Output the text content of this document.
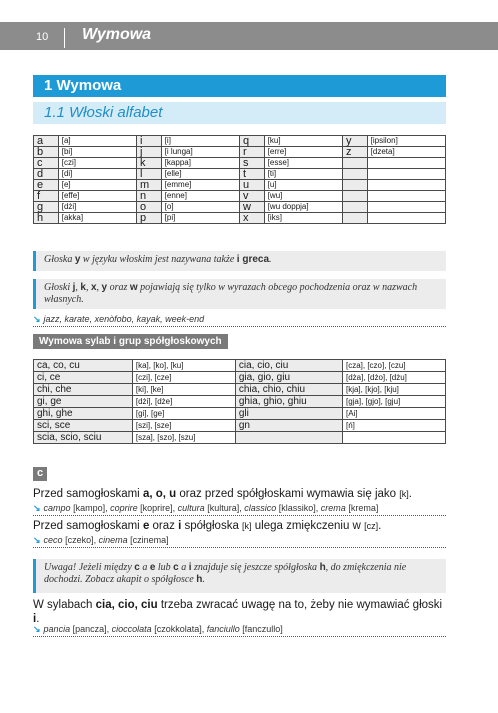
10 Wymowa
1 Wymowa
1.1 Włoski alfabet
a	[a]	i	[i]	q	[ku]	y	[ipsilon]
b	[bi]	j	[i lunga]	r	[erre]	z	[dzeta]
c	[czi]	k	[kappa]	s	[esse]		
d	[di]	l	[elle]	t	[ti]		
e	[e]	m	[emme]	u	[u]		
f	[effe]	n	[enne]	v	[wu]		
g	[dżi]	o	[o]	w	[wu doppja]		
h	[akka]	p	[pi]	x	[iks]		
Głoska y w języku włoskim jest nazywana także i greca.
Głoski j, k, x, y oraz w pojawiają się tylko w wyrazach obcego pochodzenia oraz w nazwach własnych.
↘ jazz, karate, xenòfobo, kayak, week-end
Wymowa sylab i grup spółgłoskowych
ca, co, cu	[ka], [ko], [ku]	cia, cio, ciu	[cza], [czo], [czu]
ci, ce	[czi], [cze]	gia, gio, giu	[dża], [dżo], [dżu]
chi, che	[ki], [ke]	chia, chio, chiu	[kja], [kjo], [kju]
gi, ge	[dżi], [dże]	ghia, ghio, ghiu	[gja], [gjo], [gju]
ghi, ghe	[gi], [ge]	gli	[Ai]
sci, sce	[szi], [sze]	gn	[ń]
scia, scio, sciu	[sza], [szo], [szu]		
c
Przed samogłoskami a, o, u oraz przed spółgłoskami wymawia się jako [k].
↘ campo [kampo], coprire [koprire], cultura [kultura], classico [klassiko], crema [krema]
Przed samogłoskami e oraz i spółgłoska [k] ulega zmiękczeniu w [cz].
↘ ceco [czeko], cinema [czinema]
Uwaga! Jeżeli między c a e lub c a i znajduje się jeszcze spółgłoska h, do zmiękczenia nie dochodzi. Zobacz akapit o spółgłosce h.
W sylabach cia, cio, ciu trzeba zwracać uwagę na to, żeby nie wymawiać głoski i.
↘ pancia [pancza], cioccolata [czokkolata], fanciullo [fanczullo]
